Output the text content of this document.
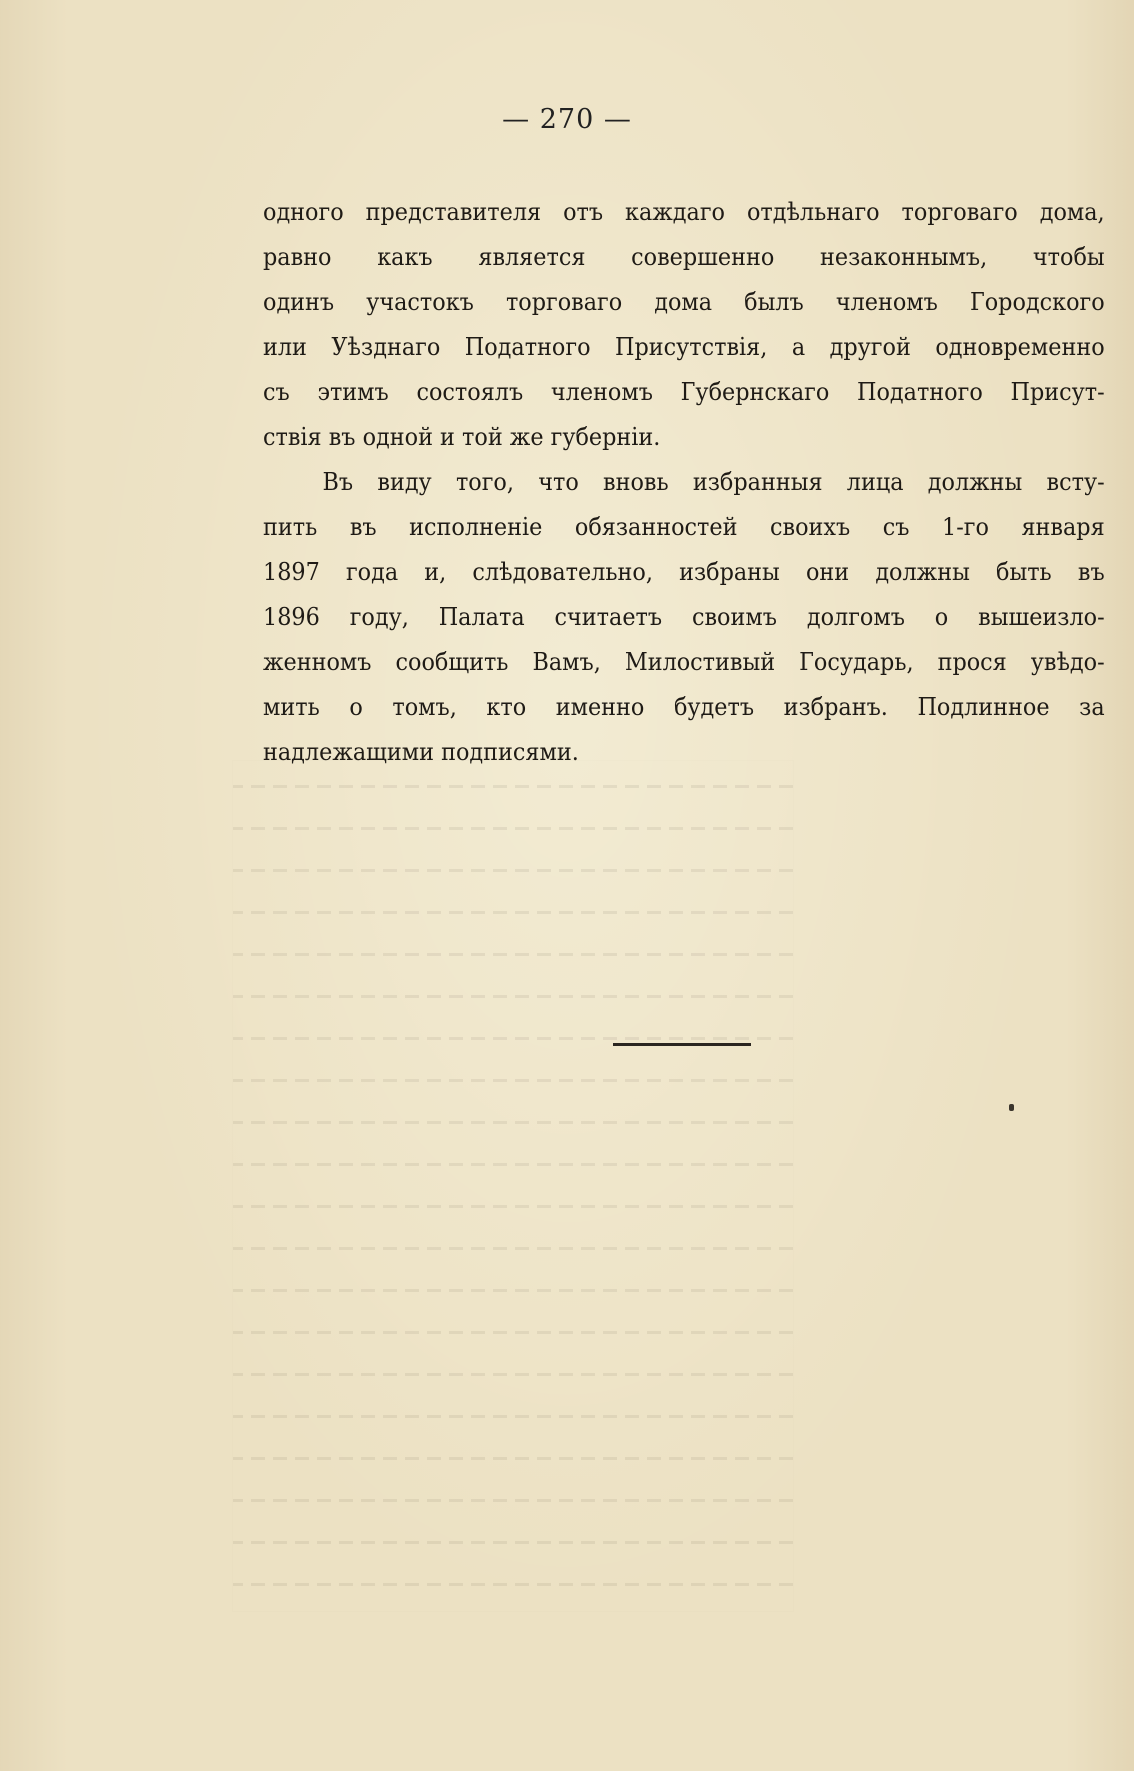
— 270 —
одного представителя отъ каждаго отдѣльнаго торговаго дома,
равно какъ является совершенно незаконнымъ, чтобы
одинъ участокъ торговаго дома былъ членомъ Городского
или Уѣзднаго Податного Присутствія, а другой одновременно
съ этимъ состоялъ членомъ Губернскаго Податного Присут-
ствія въ одной и той же губерніи.
Въ виду того, что вновь избранныя лица должны всту-
пить въ исполненіе обязанностей своихъ съ 1-го января
1897 года и, слѣдовательно, избраны они должны быть въ
1896 году, Палата считаетъ своимъ долгомъ о вышеизло-
женномъ сообщить Вамъ, Милостивый Государь, прося увѣдо-
мить о томъ, кто именно будетъ избранъ. Подлинное за
надлежащими подписями.
